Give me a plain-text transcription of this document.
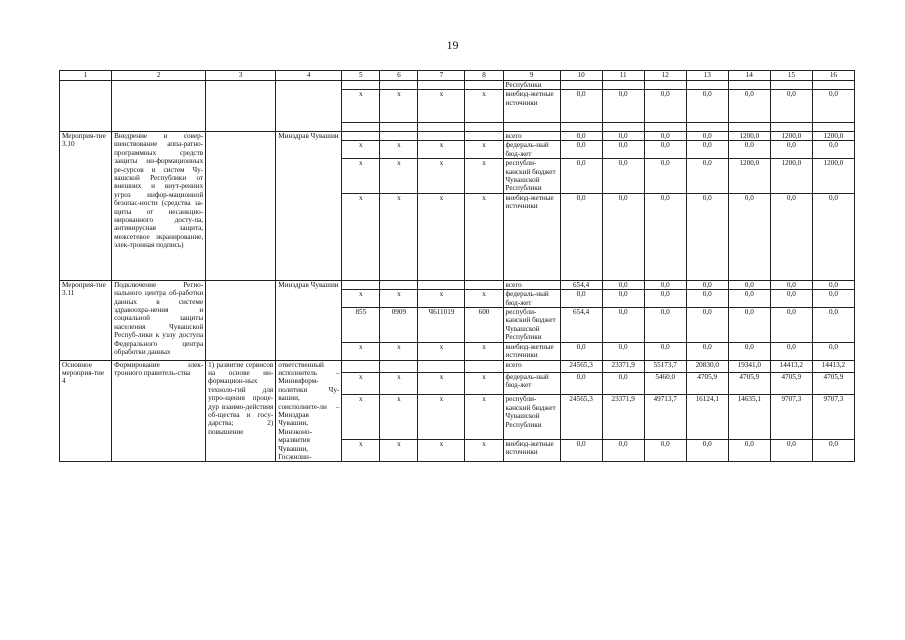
19
1	2	3	4	5	6	7	8	9	10	11	12	13	14	15	16
								Республики							
				x	x	x	x	внебюд-жетные источники	0,0	0,0	0,0	0,0	0,0	0,0	0,0

Мероприя-тие 3.10	Внедрение и совер-шенствование аппа-ратно-программных средств защиты ин-формационных ре-сурсов и систем Чу-вашской Республики от внешних и внут-ренних угроз инфор-мационной безопас-ности (средства за-щиты от несанкцио-нированного досту-па, антивирусная защита, межсетевое экранирование, элек-тронная подпись)		Минздрав Чувашии					всего	0,0	0,0	0,0	0,0	1200,0	1200,0	1200,0
				x	x	x	x	федераль-ный бюд-жет	0,0	0,0	0,0	0,0	0,0	0,0	0,0
				x	x	x	x	республи-канский бюджет Чувашской Республики	0,0	0,0	0,0	0,0	1200,0	1200,0	1200,0
				x	x	x	x	внебюд-жетные источники	0,0	0,0	0,0	0,0	0,0	0,0	0,0
Мероприя-тие 3.11	Подключение Регио-нального центра об-работки данных в системе здравоохра-нения и социальной защиты населения Чувашской Респуб-лики к узлу доступа Федерального центра обработки данных		Минздрав Чувашии					всего	654,4	0,0	0,0	0,0	0,0	0,0	0,0
				x	x	x	x	федераль-ный бюд-жет	0,0	0,0	0,0	0,0	0,0	0,0	0,0
				855	0909	Ч611019	600	республи-канский бюджет Чувашской Республики	654,4	0,0	0,0	0,0	0,0	0,0	0,0
				x	x	x	x	внебюд-жетные источники	0,0	0,0	0,0	0,0	0,0	0,0	0,0
Основное мероприя-тие 4	Формирование элек-тронного правитель-ства	1) развитие сервисов на основе ин-формацион-ных техноло-гий для упро-щения проце-дур взаимо-действия об-щества и госу-дарства; 2) повышение	ответственный исполнитель – Мининформ-политики Чу-вашии, соисполните-ли – Минздрав Чувашии, Минэконо-мразвития Чувашии, Госжилин-					всего	24565,3	23371,9	55173,7	20830,0	19341,0	14413,2	14413,2
				x	x	x	x	федераль-ный бюд-жет	0,0	0,0	5460,0	4705,9	4705,9	4705,9	4705,9
				x	x	x	x	республи-канский бюджет Чувашской Республики	24565,3	23371,9	49713,7	16124,1	14635,1	9707,3	9707,3
				x	x	x	x	внебюд-жетные источники	0,0	0,0	0,0	0,0	0,0	0,0	0,0
